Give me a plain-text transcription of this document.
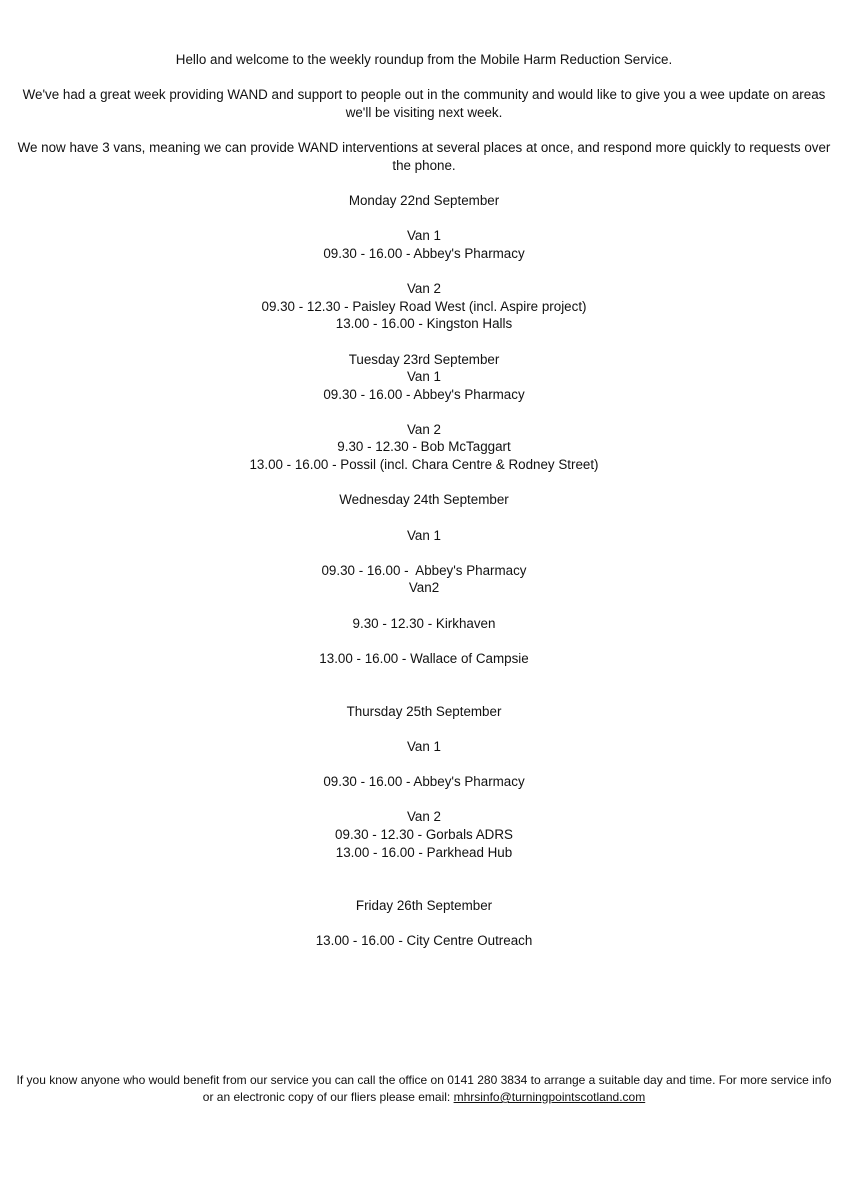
Hello and welcome to the weekly roundup from the Mobile Harm Reduction Service.
We've had a great week providing WAND and support to people out in the community and would like to give you a wee update on areas we'll be visiting next week.
We now have 3 vans, meaning we can provide WAND interventions at several places at once, and respond more quickly to requests over the phone.
Monday 22nd September
Van 1
09.30 - 16.00 - Abbey's Pharmacy
Van 2
09.30 - 12.30 - Paisley Road West (incl. Aspire project)
13.00 - 16.00 - Kingston Halls
Tuesday 23rd September
Van 1
09.30 - 16.00 - Abbey's Pharmacy
Van 2
9.30 - 12.30 - Bob McTaggart
13.00 - 16.00 - Possil (incl. Chara Centre & Rodney Street)
Wednesday 24th September
Van 1
09.30 - 16.00 -  Abbey's Pharmacy
Van2
9.30 - 12.30 - Kirkhaven
13.00 - 16.00 - Wallace of Campsie
Thursday 25th September
Van 1
09.30 - 16.00 - Abbey's Pharmacy
Van 2
09.30 - 12.30 - Gorbals ADRS
13.00 - 16.00 - Parkhead Hub
Friday 26th September
13.00 - 16.00 - City Centre Outreach
If you know anyone who would benefit from our service you can call the office on 0141 280 3834 to arrange a suitable day and time. For more service info or an electronic copy of our fliers please email: mhrsinfo@turningpointscotland.com
